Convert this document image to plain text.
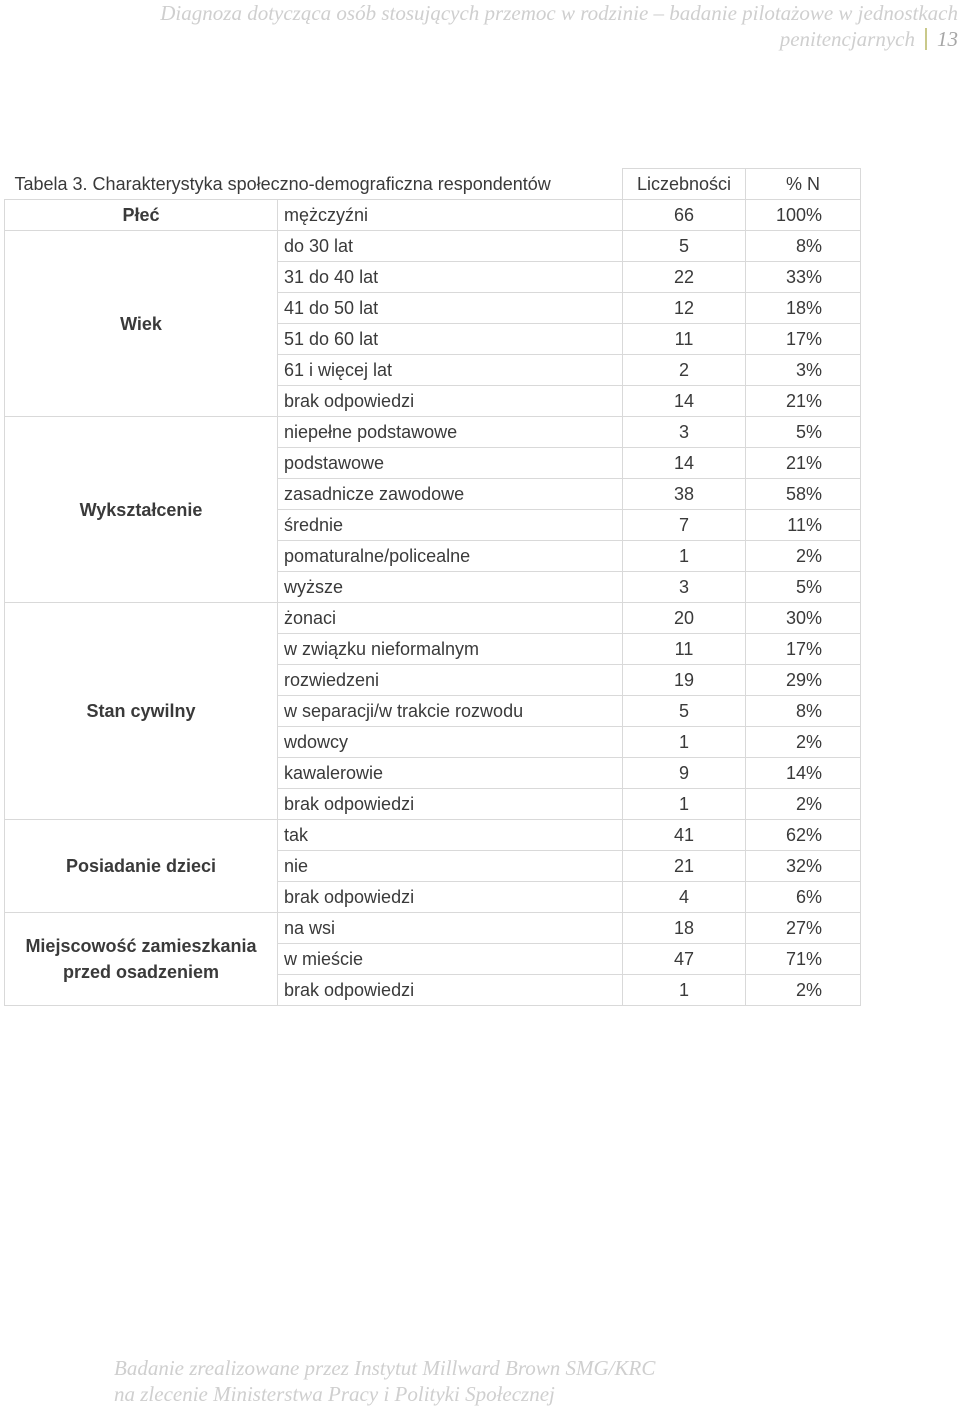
Diagnoza dotycząca osób stosujących przemoc w rodzinie – badanie pilotażowe w jednostkach
penitencjarnych 13
Tabela 3. Charakterystyka społeczno-demograficzna respondentów		Liczebności	% N
Płeć	mężczyźni	66	100%
Wiek	do 30 lat	5	8%
	31 do 40 lat	22	33%
	41 do 50 lat	12	18%
	51 do 60 lat	11	17%
	61 i więcej lat	2	3%
	brak odpowiedzi	14	21%
Wykształcenie	niepełne podstawowe	3	5%
	podstawowe	14	21%
	zasadnicze zawodowe	38	58%
	średnie	7	11%
	pomaturalne/policealne	1	2%
	wyższe	3	5%
Stan cywilny	żonaci	20	30%
	w związku nieformalnym	11	17%
	rozwiedzeni	19	29%
	w separacji/w trakcie rozwodu	5	8%
	wdowcy	1	2%
	kawalerowie	9	14%
	brak odpowiedzi	1	2%
Posiadanie dzieci	tak	41	62%
	nie	21	32%
	brak odpowiedzi	4	6%
Miejscowość zamieszkania przed osadzeniem	na wsi	18	27%
	w mieście	47	71%
	brak odpowiedzi	1	2%
Badanie zrealizowane przez Instytut Millward Brown SMG/KRC
na zlecenie Ministerstwa Pracy i Polityki Społecznej
